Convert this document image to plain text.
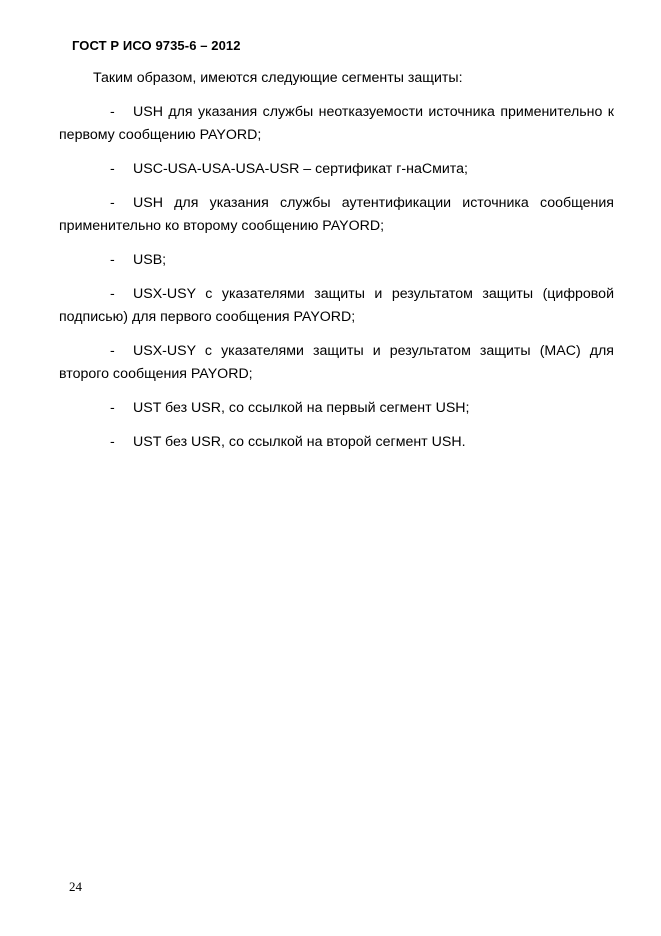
ГОСТ Р ИСО 9735-6 – 2012

Таким образом, имеются следующие сегменты защиты:

- USH для указания службы неотказуемости источника применительно к первому сообщению PAYORD;

- USC-USA-USA-USA-USR – сертификат г-наСмита;

- USH для указания службы аутентификации источника сообщения применительно ко второму сообщению PAYORD;

- USB;

- USX-USY с указателями защиты и результатом защиты (цифровой подписью) для первого сообщения PAYORD;

- USX-USY с указателями защиты и результатом защиты (MAC) для второго сообщения PAYORD;

- UST без USR, со ссылкой на первый сегмент USH;

- UST без USR, со ссылкой на второй сегмент USH.

24
